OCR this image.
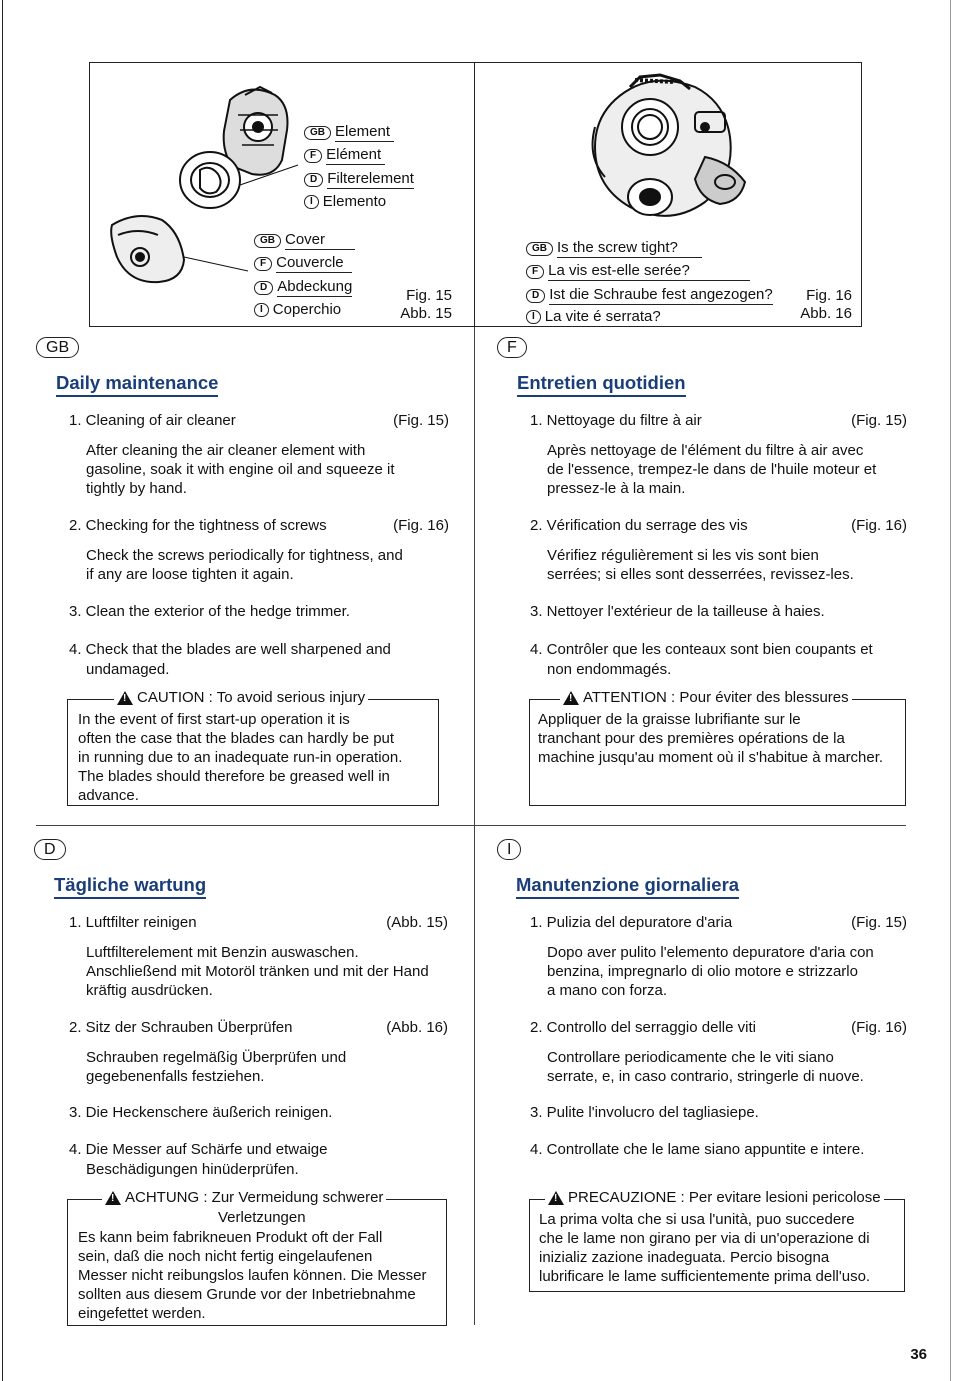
GB Element
F Elément
D Filterelement
I Elemento
GB Cover
F Couvercle
D Abdeckung
I Coperchio
Fig. 15
Abb. 15
GB Is the screw tight?
F La vis est-elle serée?
D Ist die Schraube fest angezogen?
I La vite é serrata?
Fig. 16
Abb. 16
GB
Daily maintenance
1. Cleaning of air cleaner	(Fig. 15)
After cleaning the air cleaner element with
gasoline, soak it with engine oil and squeeze it
tightly by hand.
2. Checking for the tightness of screws	(Fig. 16)
Check the screws periodically for tightness, and
if any are loose tighten it again.
3. Clean the exterior of the hedge trimmer.
4. Check that the blades are well sharpened and
undamaged.
!
CAUTION : To avoid serious injury
In the event of first start-up operation it is
often the case that the blades can hardly be put
in running due to an inadequate run-in operation.
The blades should therefore be greased well in
advance.
F
Entretien quotidien
1. Nettoyage du filtre à air	(Fig. 15)
Après nettoyage de l'élément du filtre à air avec
de l'essence, trempez-le dans de l'huile moteur et
pressez-le à la main.
2. Vérification du serrage des vis	(Fig. 16)
Vérifiez régulièrement si les vis sont bien
serrées; si elles sont desserrées, revissez-les.
3. Nettoyer l'extérieur de la tailleuse à haies.
4. Contrôler que les conteaux sont bien coupants et
non endommagés.
!
ATTENTION : Pour éviter des blessures
Appliquer de la graisse lubrifiante sur le
tranchant pour des premières opérations de la
machine jusqu'au moment où il s'habitue à marcher.
D
Tägliche wartung
1. Luftfilter reinigen	(Abb. 15)
Luftfilterelement mit Benzin auswaschen.
Anschließend mit Motoröl tränken und mit der Hand
kräftig ausdrücken.
2. Sitz der Schrauben Überprüfen	(Abb. 16)
Schrauben regelmäßig Überprüfen und
gegebenenfalls festziehen.
3. Die Heckenschere äußerich reinigen.
4. Die Messer auf Schärfe und etwaige
Beschädigungen hinüderprüfen.
!
ACHTUNG : Zur Vermeidung schwerer
Verletzungen
Es kann beim fabrikneuen Produkt oft der Fall
sein, daß die noch nicht fertig eingelaufenen
Messer nicht reibungslos laufen können. Die Messer
sollten aus diesem Grunde vor der Inbetriebnahme
eingefettet werden.
I
Manutenzione giornaliera
1. Pulizia del depuratore d'aria	(Fig. 15)
Dopo aver pulito l'elemento depuratore d'aria con
benzina, impregnarlo di olio motore e strizzarlo
a mano con forza.
2. Controllo del serraggio delle viti	(Fig. 16)
Controllare periodicamente che le viti siano
serrate, e, in caso contrario, stringerle di nuove.
3. Pulite l'involucro del tagliasiepe.
4. Controllate che le lame siano appuntite e intere.
!
PRECAUZIONE : Per evitare lesioni pericolose
La prima volta che si usa l'unità, puo succedere
che le lame non girano per via di un'operazione di
inizializ zazione inadeguata. Percio bisogna
lubrificare le lame sufficientemente prima dell'uso.
36
